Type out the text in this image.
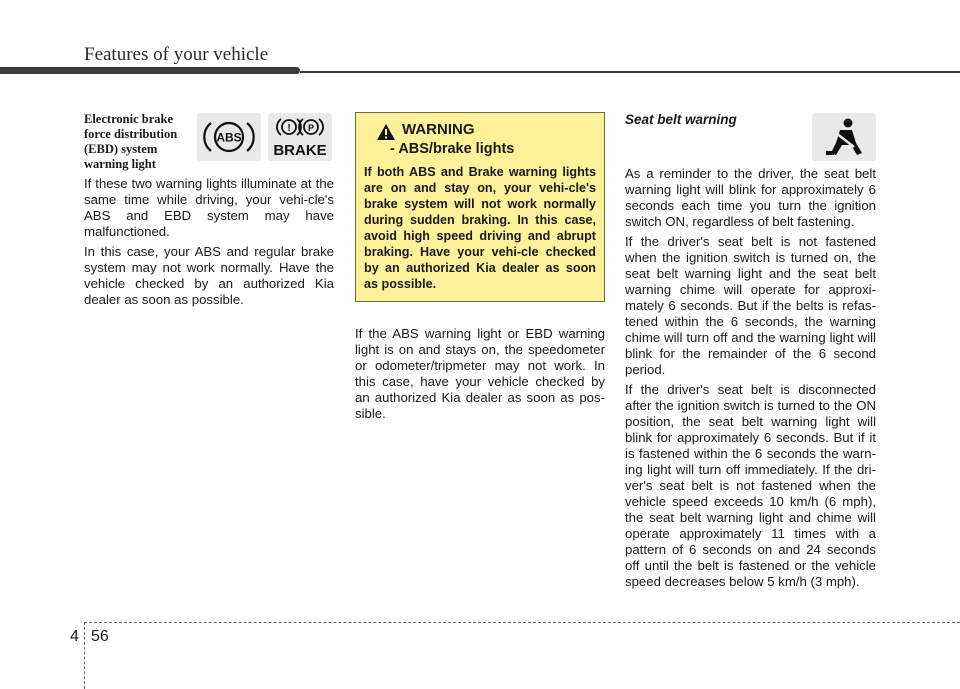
Features of your vehicle
ABS
! P
BRAKE
Electronic brake force distribution (EBD) system warning light

If these two warning lights illuminate at the same time while driving, your vehi-cle's ABS and EBD system may have malfunctioned.

In this case, your ABS and regular brake system may not work normally. Have the vehicle checked by an authorized Kia dealer as soon as possible.

WARNING
- ABS/brake lights

If both ABS and Brake warning lights are on and stay on, your vehi-cle's brake system will not work normally during sudden braking. In this case, avoid high speed driving and abrupt braking. Have your vehi-cle checked by an authorized Kia dealer as soon as possible.

If the ABS warning light or EBD warning light is on and stays on, the speedometer or odometer/tripmeter may not work. In this case, have your vehicle checked by an authorized Kia dealer as soon as pos-sible.

Seat belt warning

As a reminder to the driver, the seat belt warning light will blink for approximately 6 seconds each time you turn the ignition switch ON, regardless of belt fastening.

If the driver's seat belt is not fastened when the ignition switch is turned on, the seat belt warning light and the seat belt warning chime will operate for approxi-mately 6 seconds. But if the belts is refas-tened within the 6 seconds, the warning chime will turn off and the warning light will blink for the remainder of the 6 second period.

If the driver's seat belt is disconnected after the ignition switch is turned to the ON position, the seat belt warning light will blink for approximately 6 seconds. But if it is fastened within the 6 seconds the warn-ing light will turn off immediately. If the dri-ver's seat belt is not fastened when the vehicle speed exceeds 10 km/h (6 mph), the seat belt warning light and chime will operate approximately 11 times with a pattern of 6 seconds on and 24 seconds off until the belt is fastened or the vehicle speed decreases below 5 km/h (3 mph).

4 56
